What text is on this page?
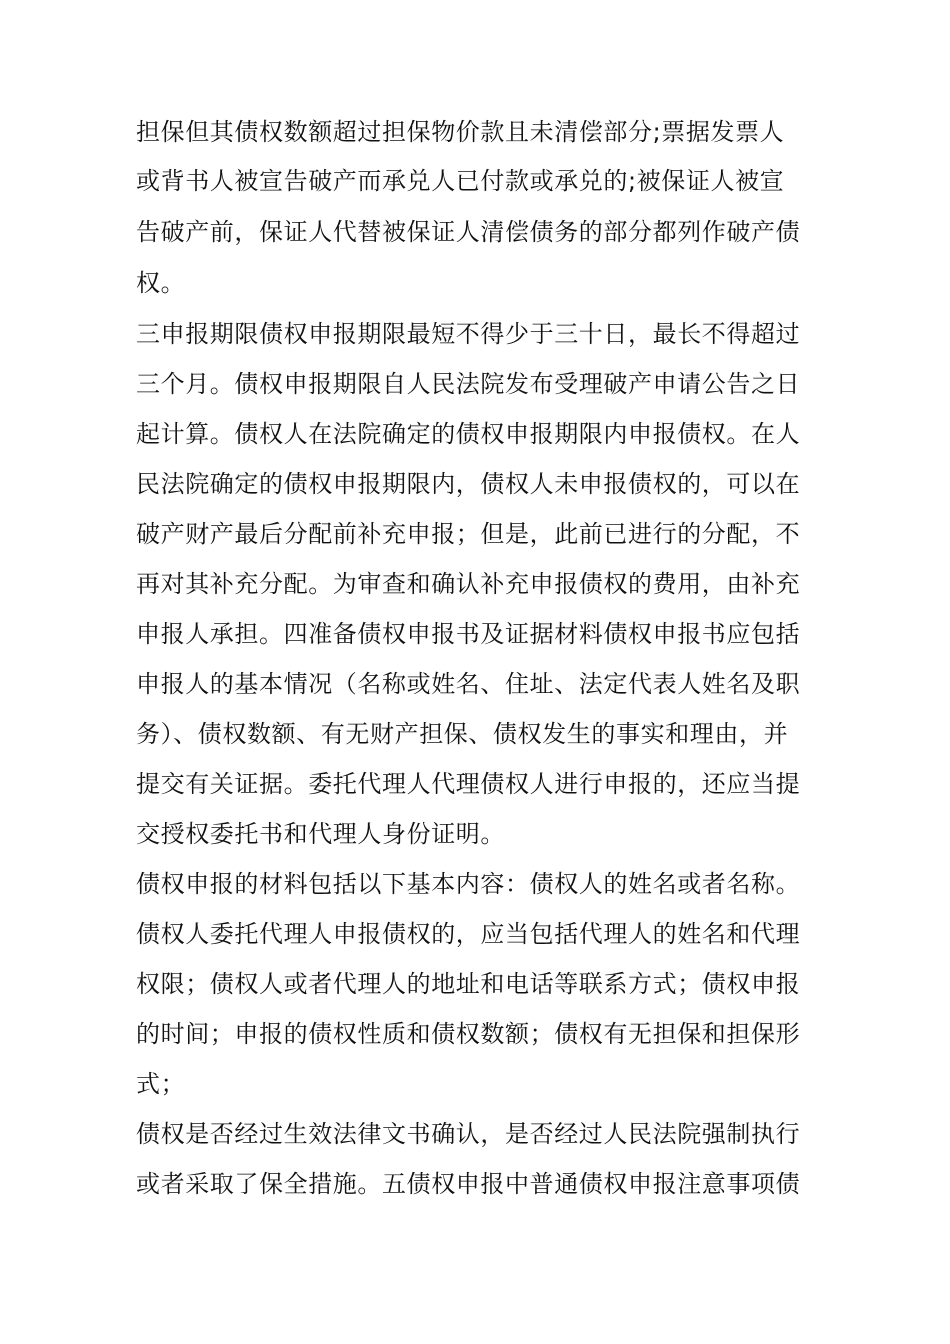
担保但其债权数额超过担保物价款且未清偿部分;票据发票人
或背书人被宣告破产而承兑人已付款或承兑的;被保证人被宣
告破产前，保证人代替被保证人清偿债务的部分都列作破产债
权。
三申报期限债权申报期限最短不得少于三十日，最长不得超过
三个月。债权申报期限自人民法院发布受理破产申请公告之日
起计算。债权人在法院确定的债权申报期限内申报债权。在人
民法院确定的债权申报期限内，债权人未申报债权的，可以在
破产财产最后分配前补充申报；但是，此前已进行的分配，不
再对其补充分配。为审查和确认补充申报债权的费用，由补充
申报人承担。四准备债权申报书及证据材料债权申报书应包括
申报人的基本情况（名称或姓名、住址、法定代表人姓名及职
务）、债权数额、有无财产担保、债权发生的事实和理由，并
提交有关证据。委托代理人代理债权人进行申报的，还应当提
交授权委托书和代理人身份证明。
债权申报的材料包括以下基本内容：债权人的姓名或者名称。
债权人委托代理人申报债权的，应当包括代理人的姓名和代理
权限；债权人或者代理人的地址和电话等联系方式；债权申报
的时间；申报的债权性质和债权数额；债权有无担保和担保形
式；
债权是否经过生效法律文书确认，是否经过人民法院强制执行
或者采取了保全措施。五债权申报中普通债权申报注意事项债
